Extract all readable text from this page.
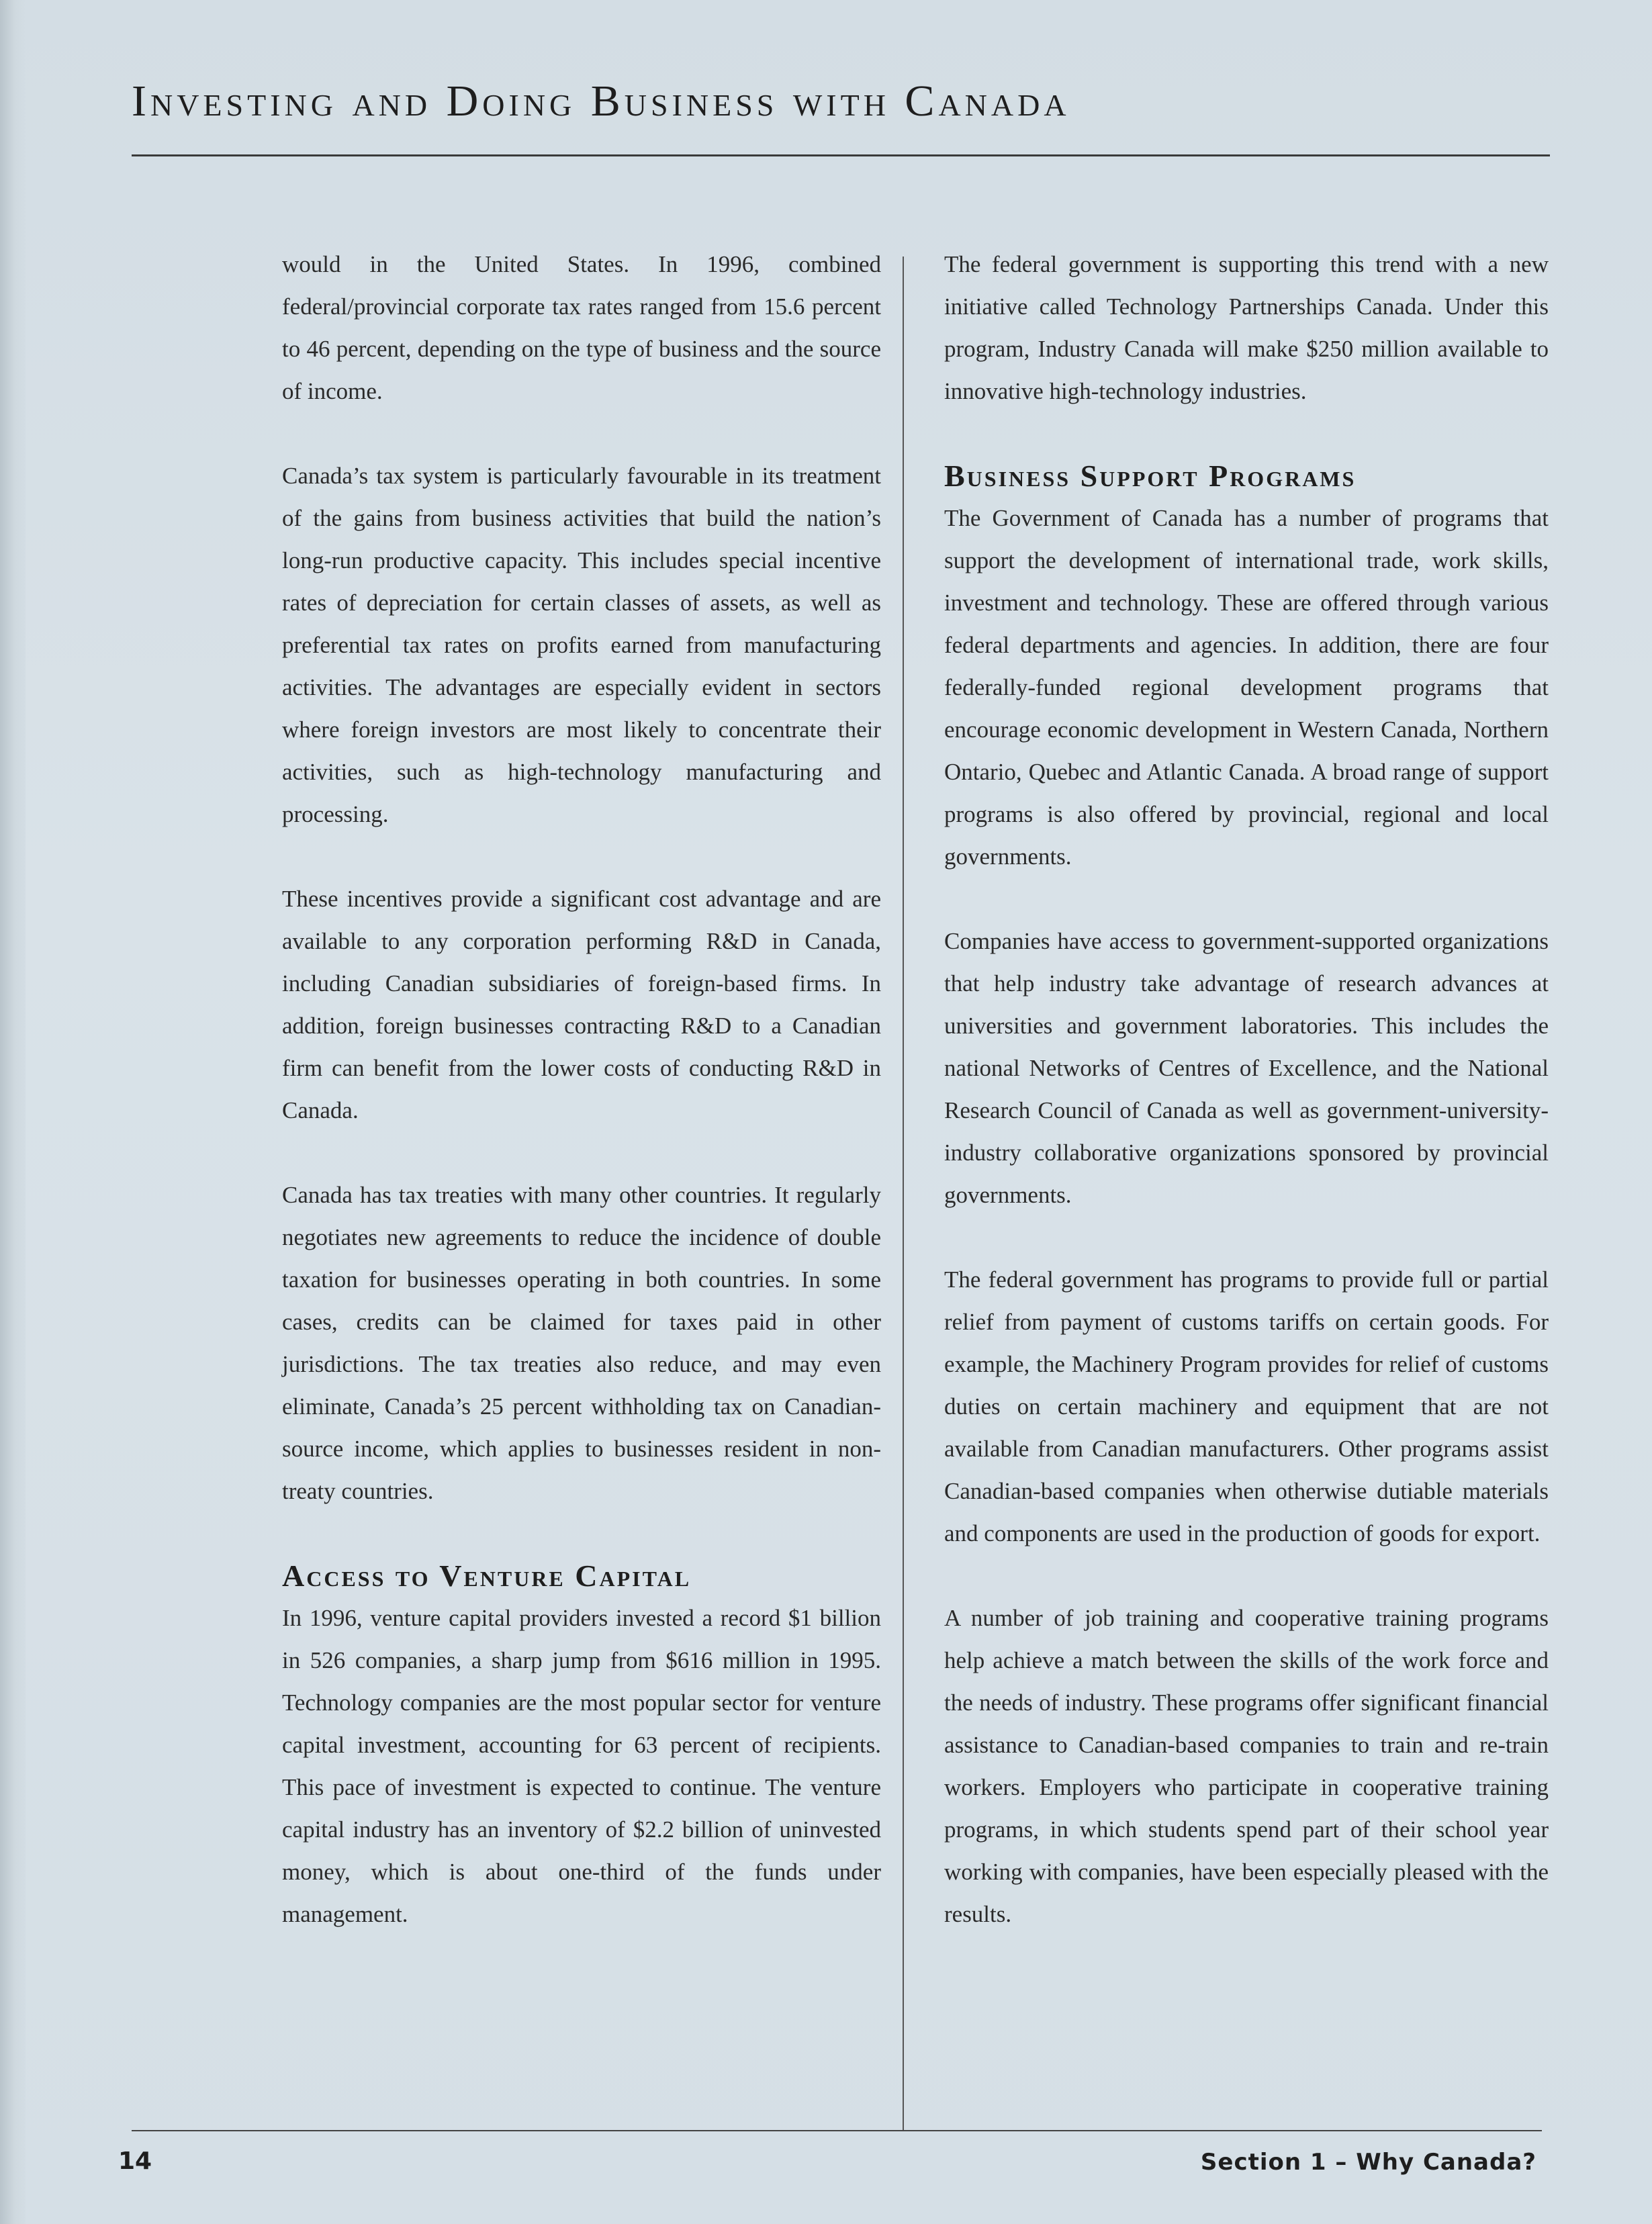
Investing and Doing Business with Canada

would in the United States. In 1996, combined federal/provincial corporate tax rates ranged from 15.6 percent to 46 percent, depending on the type of business and the source of income.

Canada’s tax system is particularly favourable in its treatment of the gains from business activities that build the nation’s long-run productive capacity. This includes special incentive rates of depreciation for certain classes of assets, as well as preferential tax rates on profits earned from manufacturing activities. The advantages are especially evident in sectors where foreign investors are most likely to concentrate their activities, such as high-technology manufacturing and processing.

These incentives provide a significant cost advantage and are available to any corporation performing R&D in Canada, including Canadian subsidiaries of foreign-based firms. In addition, foreign businesses contracting R&D to a Canadian firm can benefit from the lower costs of conducting R&D in Canada.

Canada has tax treaties with many other countries. It regularly negotiates new agreements to reduce the incidence of double taxation for businesses operating in both countries. In some cases, credits can be claimed for taxes paid in other jurisdictions. The tax treaties also reduce, and may even eliminate, Canada’s 25 percent withholding tax on Canadian-source income, which applies to businesses resident in non-treaty countries.

Access to Venture Capital

In 1996, venture capital providers invested a record $1 billion in 526 companies, a sharp jump from $616 million in 1995. Technology companies are the most popular sector for venture capital investment, accounting for 63 percent of recipients. This pace of investment is expected to continue. The venture capital industry has an inventory of $2.2 billion of uninvested money, which is about one-third of the funds under management.

The federal government is supporting this trend with a new initiative called Technology Partnerships Canada. Under this program, Industry Canada will make $250 million available to innovative high-technology industries.

Business Support Programs

The Government of Canada has a number of programs that support the development of international trade, work skills, investment and technology. These are offered through various federal departments and agencies. In addition, there are four federally-funded regional development programs that encourage economic development in Western Canada, Northern Ontario, Quebec and Atlantic Canada. A broad range of support programs is also offered by provincial, regional and local governments.

Companies have access to government-supported organizations that help industry take advantage of research advances at universities and government laboratories. This includes the national Networks of Centres of Excellence, and the National Research Council of Canada as well as government-university-industry collaborative organizations sponsored by provincial governments.

The federal government has programs to provide full or partial relief from payment of customs tariffs on certain goods. For example, the Machinery Program provides for relief of customs duties on certain machinery and equipment that are not available from Canadian manufacturers. Other programs assist Canadian-based companies when otherwise dutiable materials and components are used in the production of goods for export.

A number of job training and cooperative training programs help achieve a match between the skills of the work force and the needs of industry. These programs offer significant financial assistance to Canadian-based companies to train and re-train workers. Employers who participate in cooperative training programs, in which students spend part of their school year working with companies, have been especially pleased with the results.

14	Section 1 – Why Canada?
